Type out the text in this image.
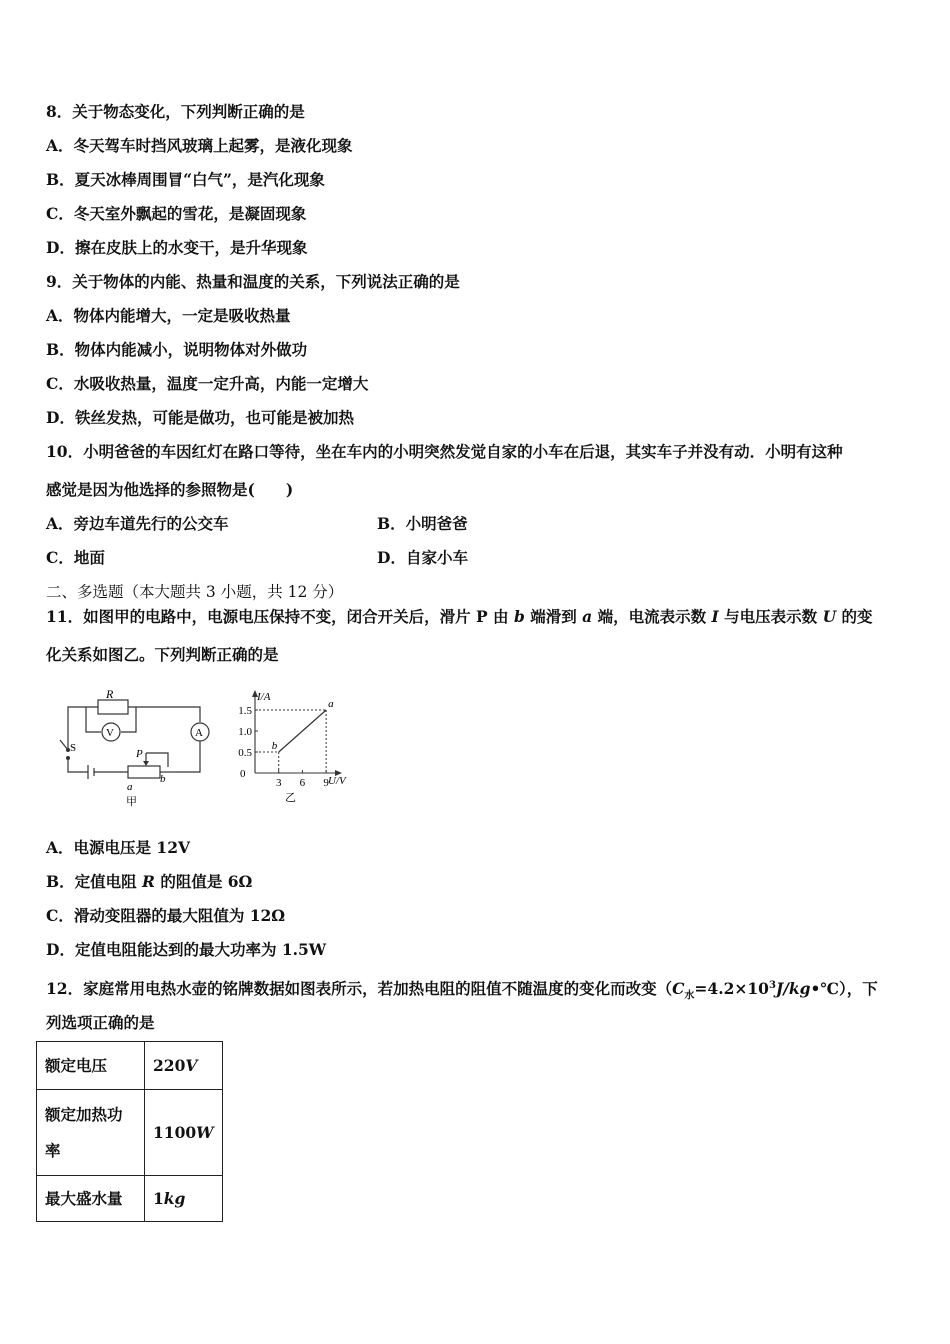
8．关于物态变化，下列判断正确的是
A．冬天驾车时挡风玻璃上起雾，是液化现象
B．夏天冰棒周围冒“白气”，是汽化现象
C．冬天室外飘起的雪花，是凝固现象
D．擦在皮肤上的水变干，是升华现象
9．关于物体的内能、热量和温度的关系，下列说法正确的是
A．物体内能增大，一定是吸收热量
B．物体内能减小，说明物体对外做功
C．水吸收热量，温度一定升高，内能一定增大
D．铁丝发热，可能是做功，也可能是被加热
10．小明爸爸的车因红灯在路口等待，坐在车内的小明突然发觉自家的小车在后退，其实车子并没有动．小明有这种
感觉是因为他选择的参照物是(　　)
A．旁边车道先行的公交车	B．小明爸爸
C．地面	D．自家小车
二、多选题（本大题共 3 小题，共 12 分）
11．如图甲的电路中，电源电压保持不变，闭合开关后，滑片 P 由 b 端滑到 a 端，电流表示数 I 与电压表示数 U 的变
化关系如图乙。下列判断正确的是
R
V	A
S	P
a
b
甲
0.5
1.0
1.5
3 6 9
b
a
I/A
U/V
0
乙
A．电源电压是 12V
B．定值电阻 R 的阻值是 6Ω
C．滑动变阻器的最大阻值为 12Ω
D．定值电阻能达到的最大功率为 1.5W
12．家庭常用电热水壶的铭牌数据如图表所示，若加热电阻的阻值不随温度的变化而改变$(C_水=4.2\times 10^3J/kg•℃)$，下
列选项正确的是
额定电压	220V
额定加热功
率	1100W
最大盛水量	1kg
